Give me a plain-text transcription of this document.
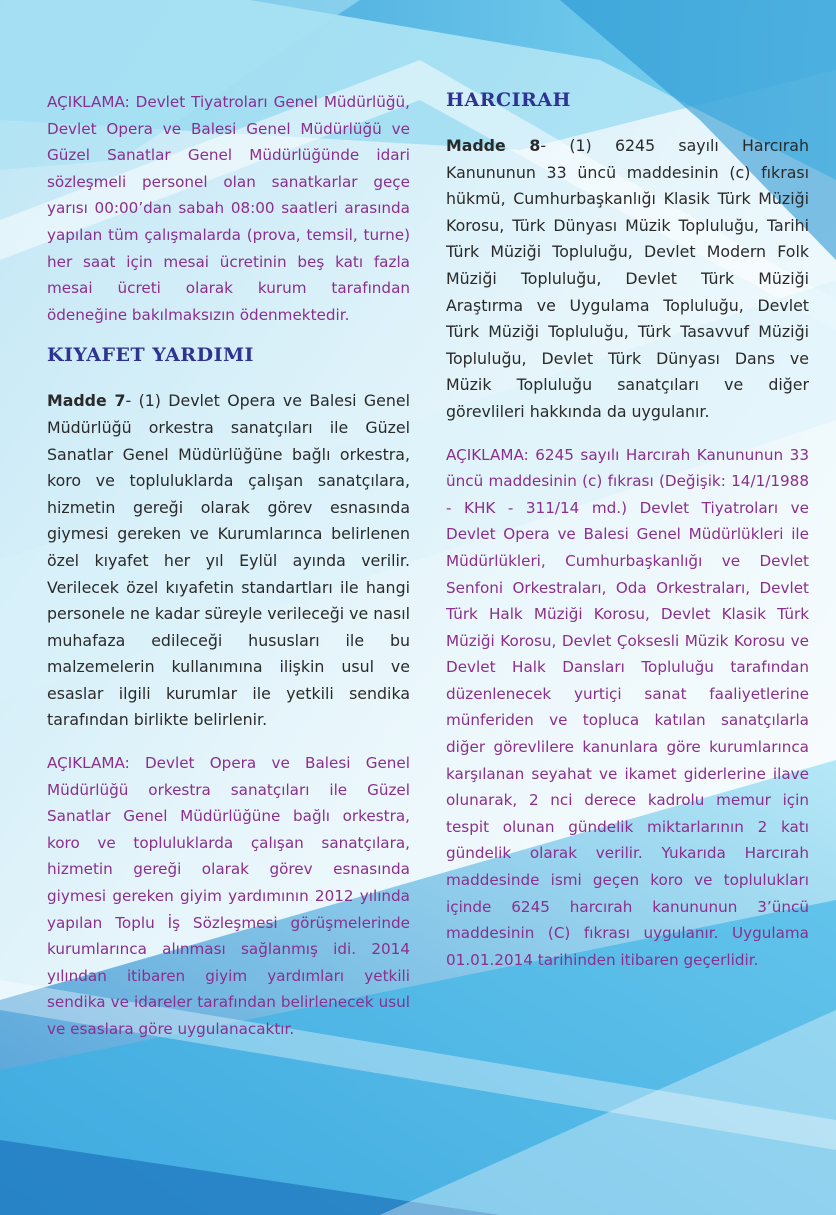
AÇIKLAMA: Devlet Tiyatroları Genel Müdürlüğü, Devlet Opera ve Balesi Genel Müdürlüğü ve Güzel Sanatlar Genel Müdürlüğünde idari sözleşmeli personel olan sanatkarlar geçe yarısı 00:00’dan sabah 08:00 saatleri arasında yapılan tüm çalışmalarda (prova, temsil, turne) her saat için mesai ücretinin beş katı fazla mesai ücreti olarak kurum tarafından ödeneğine bakılmaksızın ödenmektedir.

KIYAFET YARDIMI

Madde 7- (1) Devlet Opera ve Balesi Genel Müdürlüğü orkestra sanatçıları ile Güzel Sanatlar Genel Müdürlüğüne bağlı orkestra, koro ve topluluklarda çalışan sanatçılara, hizmetin gereği olarak görev esnasında giymesi gereken ve Kurumlarınca belirlenen özel kıyafet her yıl Eylül ayında verilir. Verilecek özel kıyafetin standartları ile hangi personele ne kadar süreyle verileceği ve nasıl muhafaza edileceği hususları ile bu malzemelerin kullanımına ilişkin usul ve esaslar ilgili kurumlar ile yetkili sendika tarafından birlikte belirlenir.

AÇIKLAMA: Devlet Opera ve Balesi Genel Müdürlüğü orkestra sanatçıları ile Güzel Sanatlar Genel Müdürlüğüne bağlı orkestra, koro ve topluluklarda çalışan sanatçılara, hizmetin gereği olarak görev esnasında giymesi gereken giyim yardımının 2012 yılında yapılan Toplu İş Sözleşmesi görüşmelerinde kurumlarınca alınması sağlanmış idi. 2014 yılından itibaren giyim yardımları yetkili sendika ve idareler tarafından belirlenecek usul ve esaslara göre uygulanacaktır.

HARCIRAH

Madde 8- (1) 6245 sayılı Harcırah Kanununun 33 üncü maddesinin (c) fıkrası hükmü, Cumhurbaşkanlığı Klasik Türk Müziği Korosu, Türk Dünyası Müzik Topluluğu, Tarihi Türk Müziği Topluluğu, Devlet Modern Folk Müziği Topluluğu, Devlet Türk Müziği Araştırma ve Uygulama Topluluğu, Devlet Türk Müziği Topluluğu, Türk Tasavvuf Müziği Topluluğu, Devlet Türk Dünyası Dans ve Müzik Topluluğu sanatçıları ve diğer görevlileri hakkında da uygulanır.

AÇIKLAMA: 6245 sayılı Harcırah Kanununun 33 üncü maddesinin (c) fıkrası (Değişik: 14/1/1988 - KHK - 311/14 md.) Devlet Tiyatroları ve Devlet Opera ve Balesi Genel Müdürlükleri ile Müdürlükleri, Cumhurbaşkanlığı ve Devlet Senfoni Orkestraları, Oda Orkestraları, Devlet Türk Halk Müziği Korosu, Devlet Klasik Türk Müziği Korosu, Devlet Çoksesli Müzik Korosu ve Devlet Halk Dansları Topluluğu tarafından düzenlenecek yurtiçi sanat faaliyetlerine münferiden ve topluca katılan sanatçılarla diğer görevlilere kanunlara göre kurumlarınca karşılanan seyahat ve ikamet giderlerine ilave olunarak, 2 nci derece kadrolu memur için tespit olunan gündelik miktarlarının 2 katı gündelik olarak verilir. Yukarıda Harcırah maddesinde ismi geçen koro ve toplulukları içinde 6245 harcırah kanununun 3’üncü maddesinin (C) fıkrası uygulanır. Uygulama 01.01.2014 tarihinden itibaren geçerlidir.
